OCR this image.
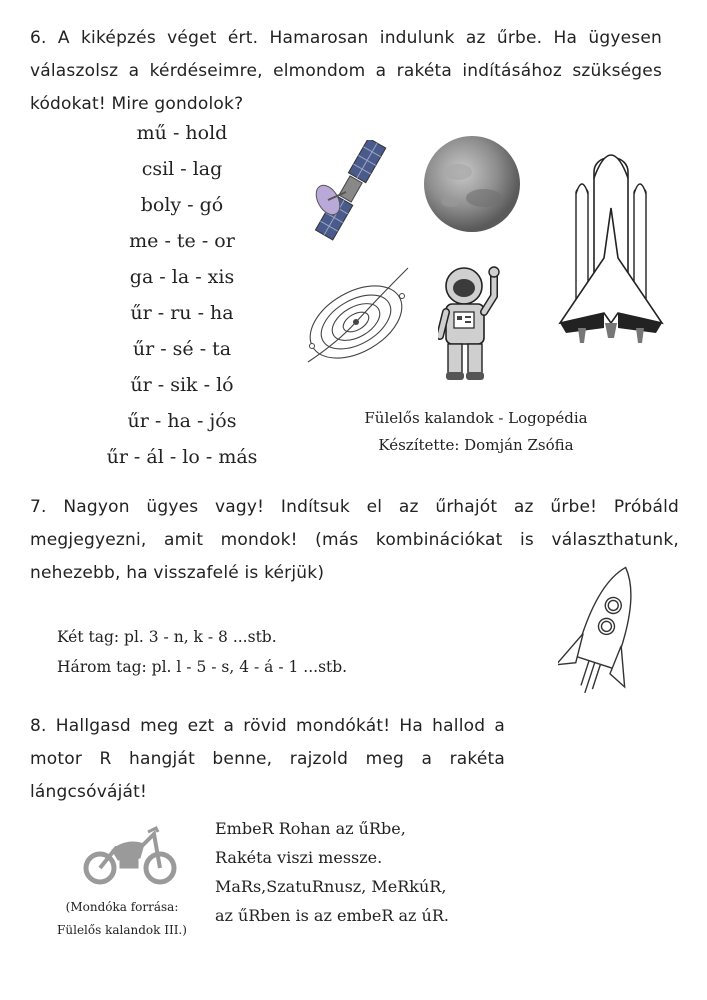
6. A kiképzés véget ért. Hamarosan indulunk az űrbe. Ha ügyesen
válaszolsz a kérdéseimre, elmondom a rakéta indításához szükséges
kódokat! Mire gondolok?
mű - hold
csil - lag
boly - gó
me - te - or
ga - la - xis
űr - ru - ha
űr - sé - ta
űr - sik - ló
űr - ha - jós
űr - ál - lo - más
Fülelős kalandok - Logopédia
Készítette: Domján Zsófia
7. Nagyon ügyes vagy! Indítsuk el az űrhajót az űrbe! Próbáld
megjegyezni, amit mondok! (más kombinációkat is választhatunk,
nehezebb, ha visszafelé is kérjük)
Két tag: pl. 3 - n, k - 8 ...stb.
Három tag: pl. l - 5 - s, 4 - á - 1 ...stb.
8. Hallgasd meg ezt a rövid mondókát! Ha hallod a
motor R hangját benne, rajzold meg a rakéta
lángcsóváját!
(Mondóka forrása:
Fülelős kalandok III.)
EmbeR Rohan az űRbe,
Rakéta viszi messze.
MaRs,SzatuRnusz, MeRkúR,
az űRben is az embeR az úR.
